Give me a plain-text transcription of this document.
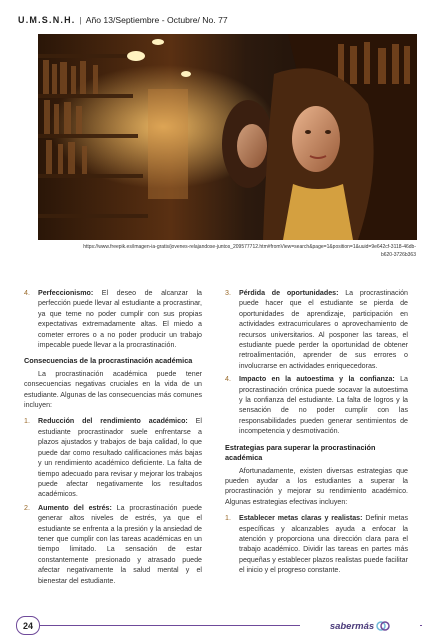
U.M.S.N.H. | Año 13/Septiembre - Octubre/ No. 77
https://www.freepik.es/imagen-ia-gratis/jovenes-relajandose-juntos_209577712.htm#fromView=search&page=1&position=1&uuid=9e642cf-3118-46db-b620-3726b363
4.	Perfeccionismo: El deseo de alcanzar la perfección puede llevar al estudiante a procrastinar, ya que teme no poder cumplir con sus propias expectativas extremadamente altas. El miedo a cometer errores o a no poder producir un trabajo impecable puede llevar a la procrastinación.
Consecuencias de la procrastinación académica
La procrastinación académica puede tener consecuencias negativas cruciales en la vida de un estudiante. Algunas de las consecuencias más comunes incluyen:
1.	Reducción del rendimiento académico: El estudiante procrastinador suele enfrentarse a plazos ajustados y trabajos de baja calidad, lo que puede dar como resultado calificaciones más bajas y un rendimiento académico deficiente. La falta de tiempo adecuado para revisar y mejorar los trabajos puede afectar negativamente los resultados académicos.
2.	Aumento del estrés: La procrastinación puede generar altos niveles de estrés, ya que el estudiante se enfrenta a la presión y la ansiedad de tener que cumplir con las tareas académicas en un tiempo limitado. La sensación de estar constantemente presionado y atrasado puede afectar negativamente la salud mental y el bienestar del estudiante.
3.	Pérdida de oportunidades: La procrastinación puede hacer que el estudiante se pierda de oportunidades de aprendizaje, participación en actividades extracurriculares o aprovechamiento de recursos universitarios. Al posponer las tareas, el estudiante puede perder la oportunidad de obtener retroalimentación, aprender de sus errores o involucrarse en actividades enriquecedoras.
4.	Impacto en la autoestima y la confianza: La procrastinación crónica puede socavar la autoestima y la confianza del estudiante. La falta de logros y la sensación de no poder cumplir con las responsabilidades pueden generar sentimientos de incompetencia y desmotivación.
Estrategias para superar la procrastinación académica
Afortunadamente, existen diversas estrategias que pueden ayudar a los estudiantes a superar la procrastinación y mejorar su rendimiento académico. Algunas estrategias efectivas incluyen:
1.	Establecer metas claras y realistas: Definir metas específicas y alcanzables ayuda a enfocar la atención y proporciona una dirección clara para el trabajo académico. Dividir las tareas en partes más pequeñas y establecer plazos realistas puede facilitar el inicio y el progreso constante.
24	sabermás
